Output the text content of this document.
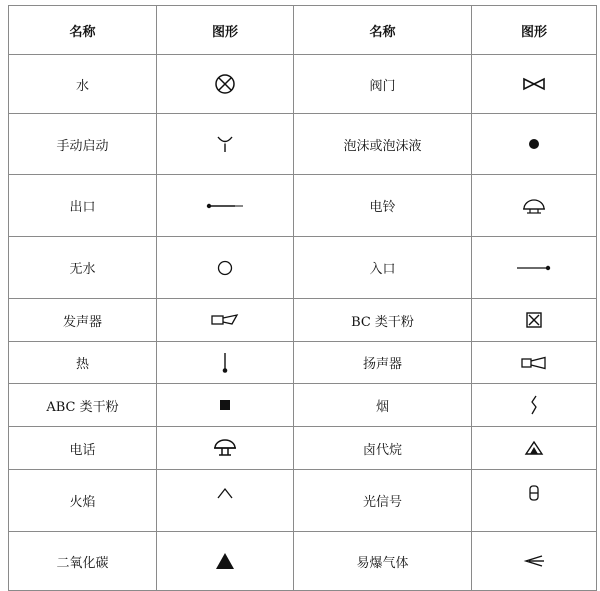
名称	图形	名称	图形
水		阀门	

手动启动		泡沫或泡沫液	

出口		电铃	

无水		入口	

发声器		BC 类干粉	

热		扬声器	

ABC 类干粉		烟	

电话		卤代烷	

火焰		光信号	

二氧化碳		易爆气体	
